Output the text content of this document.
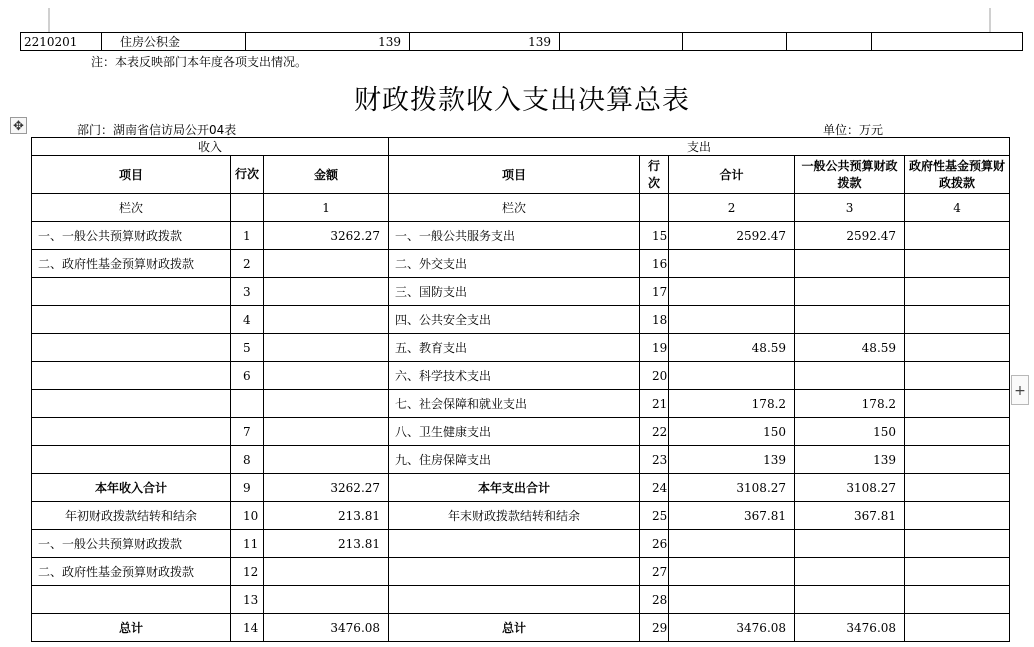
2210201	住房公积金	139	139				
注：本表反映部门本年度各项支出情况。
财政拨款收入支出决算总表
✥	部门：湖南省信访局公开04表	单位：万元
+
收入			支出				
项目	行次	金额	项目	行次	合计	一般公共预算财政拨款	政府性基金预算财政拨款
栏次		1	栏次		2	3	4
一、一般公共预算财政拨款	1	3262.27	一、一般公共服务支出	15	2592.47	2592.47	
二、政府性基金预算财政拨款	2		二、外交支出	16			
	3		三、国防支出	17			
	4		四、公共安全支出	18			
	5		五、教育支出	19	48.59	48.59	
	6		六、科学技术支出	20			
			七、社会保障和就业支出	21	178.2	178.2	
	7		八、卫生健康支出	22	150	150	
	8		九、住房保障支出	23	139	139	
本年收入合计	9	3262.27	本年支出合计	24	3108.27	3108.27	
年初财政拨款结转和结余	10	213.81	年末财政拨款结转和结余	25	367.81	367.81	
一、一般公共预算财政拨款	11	213.81		26			
二、政府性基金预算财政拨款	12			27			
	13			28			
总计	14	3476.08	总计	29	3476.08	3476.08	
